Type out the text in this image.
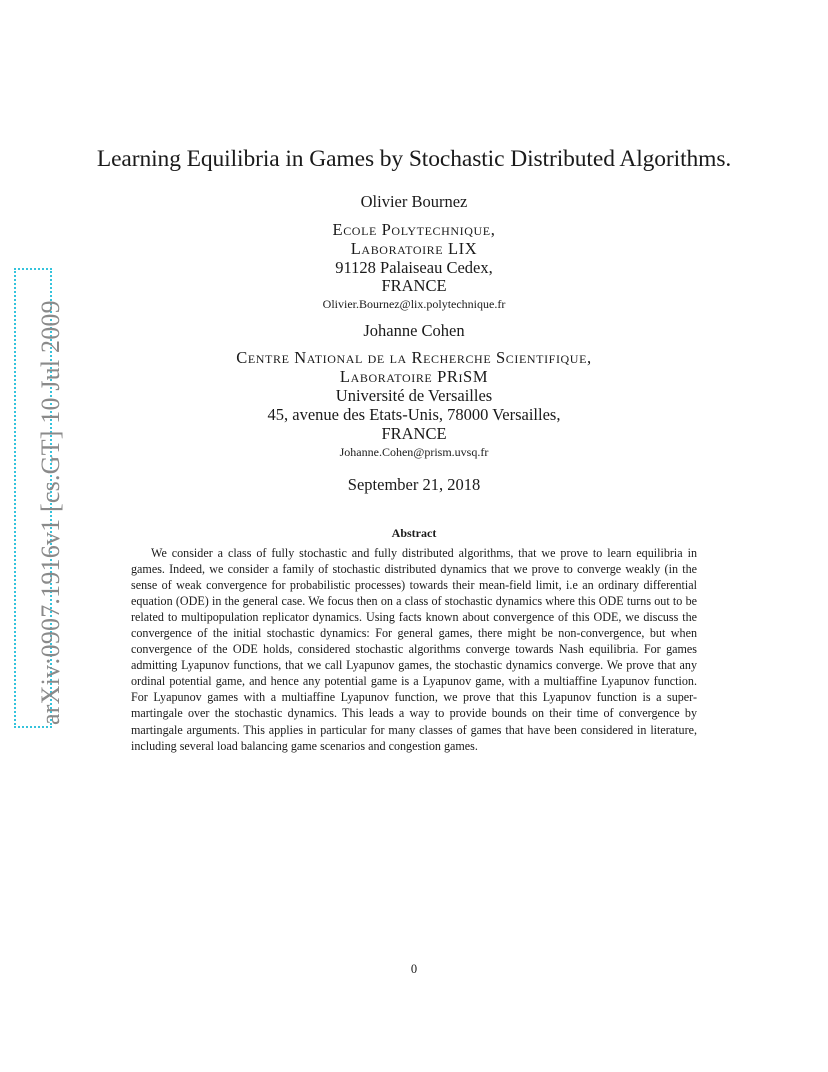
arXiv:0907.1916v1 [cs.GT] 10 Jul 2009
Learning Equilibria in Games by Stochastic Distributed Algorithms.
Olivier Bournez
Ecole Polytechnique,
Laboratoire LIX
91128 Palaiseau Cedex,
FRANCE
Olivier.Bournez@lix.polytechnique.fr
Johanne Cohen
Centre National de la Recherche Scientifique,
Laboratoire PRiSM
Université de Versailles
45, avenue des Etats-Unis, 78000 Versailles,
FRANCE
Johanne.Cohen@prism.uvsq.fr
September 21, 2018
Abstract

We consider a class of fully stochastic and fully distributed algorithms, that we prove to learn equilibria in games. Indeed, we consider a family of stochastic distributed dynamics that we prove to converge weakly (in the sense of weak convergence for probabilistic processes) towards their mean-field limit, i.e an ordinary differential equation (ODE) in the general case. We focus then on a class of stochastic dynamics where this ODE turns out to be related to multipopulation replicator dynamics. Using facts known about convergence of this ODE, we discuss the convergence of the initial stochastic dynamics: For general games, there might be non-convergence, but when convergence of the ODE holds, considered stochastic algorithms converge towards Nash equilibria. For games admitting Lyapunov functions, that we call Lyapunov games, the stochastic dynamics converge. We prove that any ordinal potential game, and hence any potential game is a Lyapunov game, with a multiaffine Lyapunov function. For Lyapunov games with a multiaffine Lyapunov function, we prove that this Lyapunov function is a super-martingale over the stochastic dynamics. This leads a way to provide bounds on their time of convergence by martingale arguments. This applies in particular for many classes of games that have been considered in literature, including several load balancing game scenarios and congestion games.

0
